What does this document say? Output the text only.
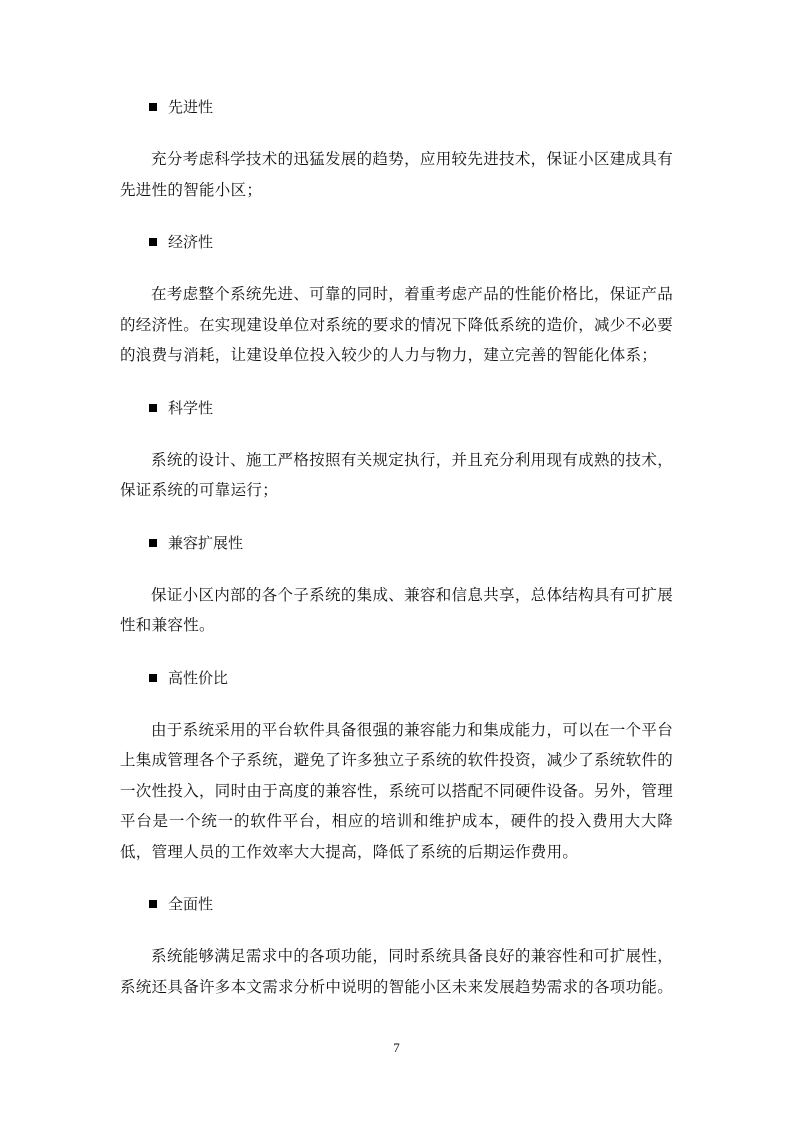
先进性

充分考虑科学技术的迅猛发展的趋势，应用较先进技术，保证小区建成具有先进性的智能小区；

经济性

在考虑整个系统先进、可靠的同时，着重考虑产品的性能价格比，保证产品的经济性。在实现建设单位对系统的要求的情况下降低系统的造价，减少不必要的浪费与消耗，让建设单位投入较少的人力与物力，建立完善的智能化体系；

科学性

系统的设计、施工严格按照有关规定执行，并且充分利用现有成熟的技术，保证系统的可靠运行；

兼容扩展性

保证小区内部的各个子系统的集成、兼容和信息共享，总体结构具有可扩展性和兼容性。

高性价比

由于系统采用的平台软件具备很强的兼容能力和集成能力，可以在一个平台上集成管理各个子系统，避免了许多独立子系统的软件投资，减少了系统软件的一次性投入，同时由于高度的兼容性，系统可以搭配不同硬件设备。另外，管理平台是一个统一的软件平台，相应的培训和维护成本，硬件的投入费用大大降低，管理人员的工作效率大大提高，降低了系统的后期运作费用。

全面性

系统能够满足需求中的各项功能，同时系统具备良好的兼容性和可扩展性，系统还具备许多本文需求分析中说明的智能小区未来发展趋势需求的各项功能。

7
